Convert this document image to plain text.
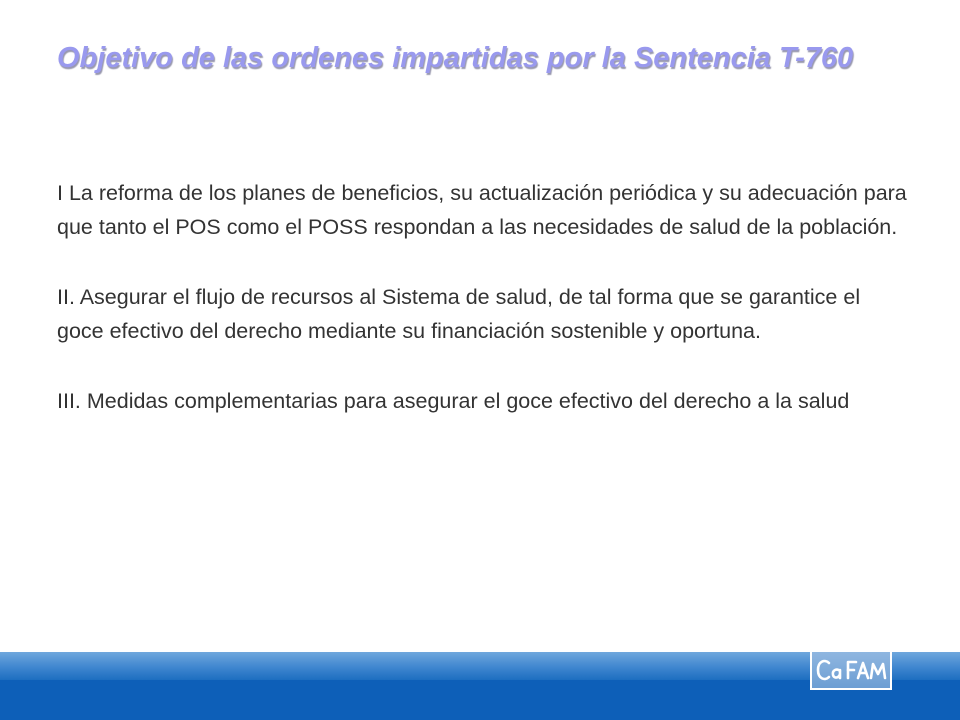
Objetivo de las ordenes impartidas por la Sentencia T-760

I La reforma de los planes de beneficios, su actualización periódica y su adecuación para que tanto el POS como el POSS respondan a las necesidades de salud de la población.

II. Asegurar el flujo de recursos al Sistema de salud, de tal forma que se garantice el goce efectivo del derecho mediante su financiación sostenible y oportuna.

III. Medidas complementarias para asegurar el goce efectivo del derecho a la salud
